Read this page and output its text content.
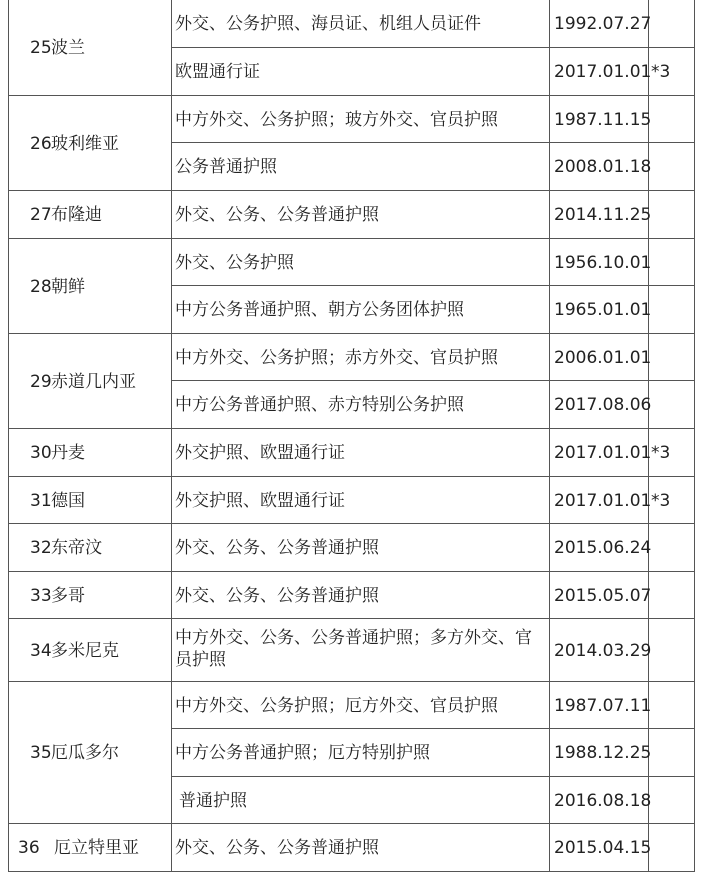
25 波兰
外交、公务护照、海员证、机组人员证件	1992.07.27
欧盟通行证	2017.01.01 *3
26 玻利维亚
中方外交、公务护照；玻方外交、官员护照	1987.11.15
公务普通护照	2008.01.18
27 布隆迪	外交、公务、公务普通护照	2014.11.25
28 朝鲜
外交、公务护照	1956.10.01
中方公务普通护照、朝方公务团体护照	1965.01.01
29 赤道几内亚
中方外交、公务护照；赤方外交、官员护照	2006.01.01
中方公务普通护照、赤方特别公务护照	2017.08.06
30 丹麦	外交护照、欧盟通行证	2017.01.01 *3
31 德国	外交护照、欧盟通行证	2017.01.01 *3
32 东帝汶	外交、公务、公务普通护照	2015.06.24
33 多哥	外交、公务、公务普通护照	2015.05.07
34 多米尼克
中方外交、公务、公务普通护照；多方外交、官员护照	2014.03.29
35 厄瓜多尔
中方外交、公务护照；厄方外交、官员护照	1987.07.11
中方公务普通护照；厄方特别护照	1988.12.25
普通护照	2016.08.18
36 厄立特里亚 外交、公务、公务普通护照	2015.04.15
